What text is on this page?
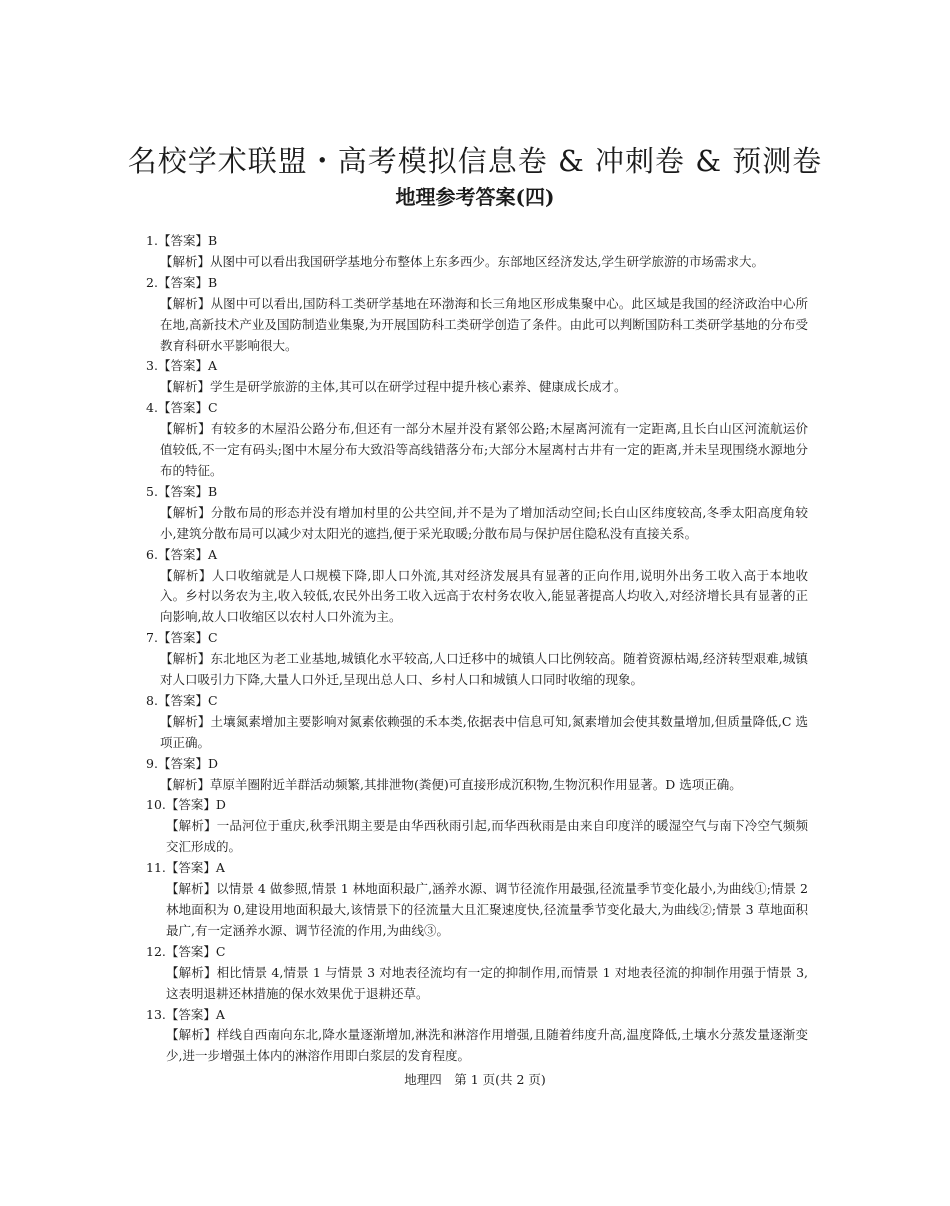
名校学术联盟・高考模拟信息卷 & 冲刺卷 & 预测卷
地理参考答案(四)
1.【答案】B
【解析】从图中可以看出我国研学基地分布整体上东多西少。东部地区经济发达,学生研学旅游的市场需求大。
2.【答案】B
【解析】从图中可以看出,国防科工类研学基地在环渤海和长三角地区形成集聚中心。此区域是我国的经济政治中心所在地,高新技术产业及国防制造业集聚,为开展国防科工类研学创造了条件。由此可以判断国防科工类研学基地的分布受教育科研水平影响很大。
3.【答案】A
【解析】学生是研学旅游的主体,其可以在研学过程中提升核心素养、健康成长成才。
4.【答案】C
【解析】有较多的木屋沿公路分布,但还有一部分木屋并没有紧邻公路;木屋离河流有一定距离,且长白山区河流航运价值较低,不一定有码头;图中木屋分布大致沿等高线错落分布;大部分木屋离村古井有一定的距离,并未呈现围绕水源地分布的特征。
5.【答案】B
【解析】分散布局的形态并没有增加村里的公共空间,并不是为了增加活动空间;长白山区纬度较高,冬季太阳高度角较小,建筑分散布局可以减少对太阳光的遮挡,便于采光取暖;分散布局与保护居住隐私没有直接关系。
6.【答案】A
【解析】人口收缩就是人口规模下降,即人口外流,其对经济发展具有显著的正向作用,说明外出务工收入高于本地收入。乡村以务农为主,收入较低,农民外出务工收入远高于农村务农收入,能显著提高人均收入,对经济增长具有显著的正向影响,故人口收缩区以农村人口外流为主。
7.【答案】C
【解析】东北地区为老工业基地,城镇化水平较高,人口迁移中的城镇人口比例较高。随着资源枯竭,经济转型艰难,城镇对人口吸引力下降,大量人口外迁,呈现出总人口、乡村人口和城镇人口同时收缩的现象。
8.【答案】C
【解析】土壤氮素增加主要影响对氮素依赖强的禾本类,依据表中信息可知,氮素增加会使其数量增加,但质量降低,C 选项正确。
9.【答案】D
【解析】草原羊圈附近羊群活动频繁,其排泄物(粪便)可直接形成沉积物,生物沉积作用显著。D 选项正确。
10.【答案】D
【解析】一品河位于重庆,秋季汛期主要是由华西秋雨引起,而华西秋雨是由来自印度洋的暖湿空气与南下冷空气频频交汇形成的。
11.【答案】A
【解析】以情景 4 做参照,情景 1 林地面积最广,涵养水源、调节径流作用最强,径流量季节变化最小,为曲线①;情景 2 林地面积为 0,建设用地面积最大,该情景下的径流量大且汇聚速度快,径流量季节变化最大,为曲线②;情景 3 草地面积最广,有一定涵养水源、调节径流的作用,为曲线③。
12.【答案】C
【解析】相比情景 4,情景 1 与情景 3 对地表径流均有一定的抑制作用,而情景 1 对地表径流的抑制作用强于情景 3,这表明退耕还林措施的保水效果优于退耕还草。
13.【答案】A
【解析】样线自西南向东北,降水量逐渐增加,淋洗和淋溶作用增强,且随着纬度升高,温度降低,土壤水分蒸发量逐渐变少,进一步增强土体内的淋溶作用即白浆层的发育程度。
地理四　第 1 页(共 2 页)
